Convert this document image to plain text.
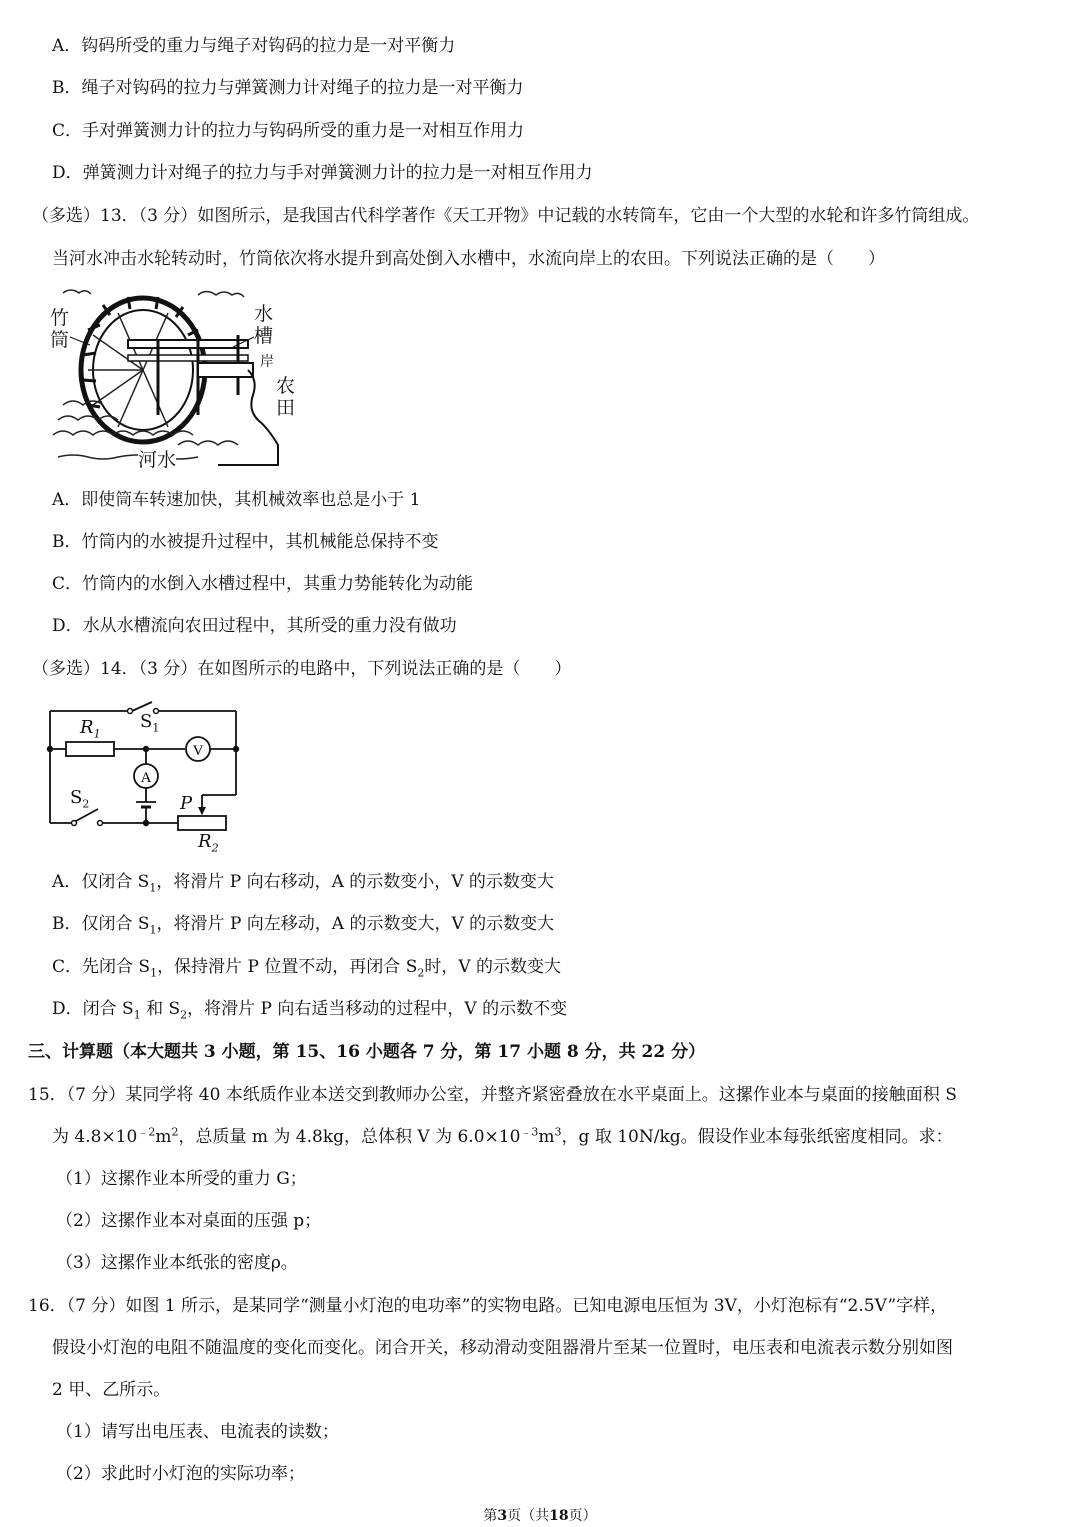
A．钩码所受的重力与绳子对钩码的拉力是一对平衡力
B．绳子对钩码的拉力与弹簧测力计对绳子的拉力是一对平衡力
C．手对弹簧测力计的拉力与钩码所受的重力是一对相互作用力
D．弹簧测力计对绳子的拉力与手对弹簧测力计的拉力是一对相互作用力
（多选）13．（3 分）如图所示，是我国古代科学著作《天工开物》中记载的水转筒车，它由一个大型的水轮和许多竹筒组成。
当河水冲击水轮转动时，竹筒依次将水提升到高处倒入水槽中，水流向岸上的农田。下列说法正确的是（　　）
竹筒
水槽
岸
农田
河水
A．即使筒车转速加快，其机械效率也总是小于 1
B．竹筒内的水被提升过程中，其机械能总保持不变
C．竹筒内的水倒入水槽过程中，其重力势能转化为动能
D．水从水槽流向农田过程中，其所受的重力没有做功
（多选）14．（3 分）在如图所示的电路中，下列说法正确的是（　　）
V
A
$R_1$
$S_1$
$S_2$	P
$R_2$
A．仅闭合 $S_1$，将滑片 P 向右移动，A 的示数变小，V 的示数变大
B．仅闭合 $S_1$，将滑片 P 向左移动，A 的示数变大，V 的示数变大
C．先闭合 $S_1$，保持滑片 P 位置不动，再闭合 $S_2$时，V 的示数变大
D．闭合 $S_1$ 和 $S_2$，将滑片 P 向右适当移动的过程中，V 的示数不变
三、计算题（本大题共 3 小题，第 15、16 小题各 7 分，第 17 小题 8 分，共 22 分）
15．（7 分）某同学将 40 本纸质作业本送交到教师办公室，并整齐紧密叠放在水平桌面上。这摞作业本与桌面的接触面积 S
为 $4.8\times 10^{﹣2}m^2$，总质量 m 为 4.8kg，总体积 V 为 $6.0\times 10^{﹣3}m^3$，g 取 10N/kg。假设作业本每张纸密度相同。求：
（1）这摞作业本所受的重力 G；
（2）这摞作业本对桌面的压强 p；
（3）这摞作业本纸张的密度ρ。
16．（7 分）如图 1 所示，是某同学“测量小灯泡的电功率”的实物电路。已知电源电压恒为 3V，小灯泡标有“2.5V”字样，
假设小灯泡的电阻不随温度的变化而变化。闭合开关，移动滑动变阻器滑片至某一位置时，电压表和电流表示数分别如图
2 甲、乙所示。
（1）请写出电压表、电流表的读数；
（2）求此时小灯泡的实际功率；
第3页（共18页）
